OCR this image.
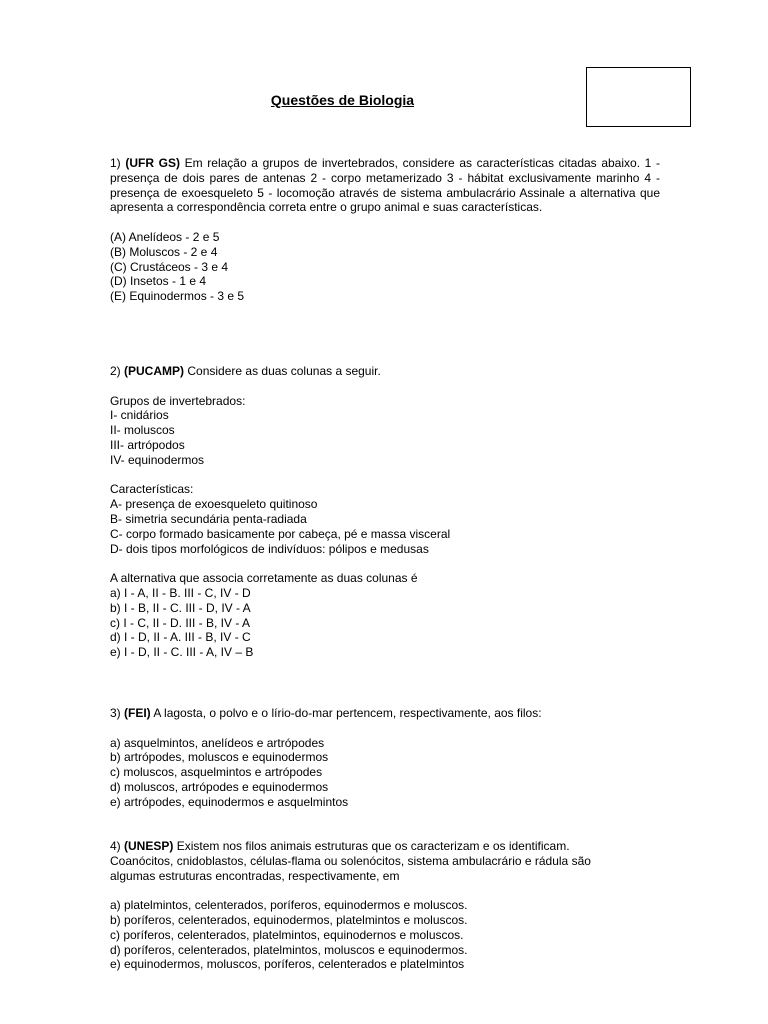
Questões de Biologia

1) (UFR GS) Em relação a grupos de invertebrados, considere as características citadas abaixo. 1 - presença de dois pares de antenas 2 - corpo metamerizado 3 - hábitat exclusivamente marinho 4 - presença de exoesqueleto 5 - locomoção através de sistema ambulacrário Assinale a alternativa que apresenta a correspondência correta entre o grupo animal e suas características.

(A) Anelídeos - 2 e 5

(B) Moluscos - 2 e 4

(C) Crustáceos - 3 e 4

(D) Insetos - 1 e 4

(E) Equinodermos - 3 e 5

2) (PUCAMP) Considere as duas colunas a seguir.

Grupos de invertebrados:

I- cnidários

II- moluscos

III- artrópodos

IV- equinodermos

Características:

A- presença de exoesqueleto quitinoso

B- simetria secundária penta-radiada

C- corpo formado basicamente por cabeça, pé e massa visceral

D- dois tipos morfológicos de indivíduos: pólipos e medusas

A alternativa que associa corretamente as duas colunas é

a) I - A, II - B. III - C, IV - D

b) I - B, II - C. III - D, IV - A

c) I - C, II - D. III - B, IV - A

d) I - D, II - A. III - B, IV - C

e) I - D, II - C. III - A, IV – B

3) (FEI) A lagosta, o polvo e o lírio-do-mar pertencem, respectivamente, aos filos:

a) asquelmintos, anelídeos e artrópodes

b) artrópodes, moluscos e equinodermos

c) moluscos, asquelmintos e artrópodes

d) moluscos, artrópodes e equinodermos

e) artrópodes, equinodermos e asquelmintos

4) (UNESP) Existem nos filos animais estruturas que os caracterizam e os identificam.

Coanócitos, cnidoblastos, células-flama ou solenócitos, sistema ambulacrário e rádula são

algumas estruturas encontradas, respectivamente, em

a) platelmintos, celenterados, poríferos, equinodermos e moluscos.

b) poríferos, celenterados, equinodermos, platelmintos e moluscos.

c) poríferos, celenterados, platelmintos, equinodernos e moluscos.

d) poríferos, celenterados, platelmintos, moluscos e equinodermos.

e) equinodermos, moluscos, poríferos, celenterados e platelmintos
